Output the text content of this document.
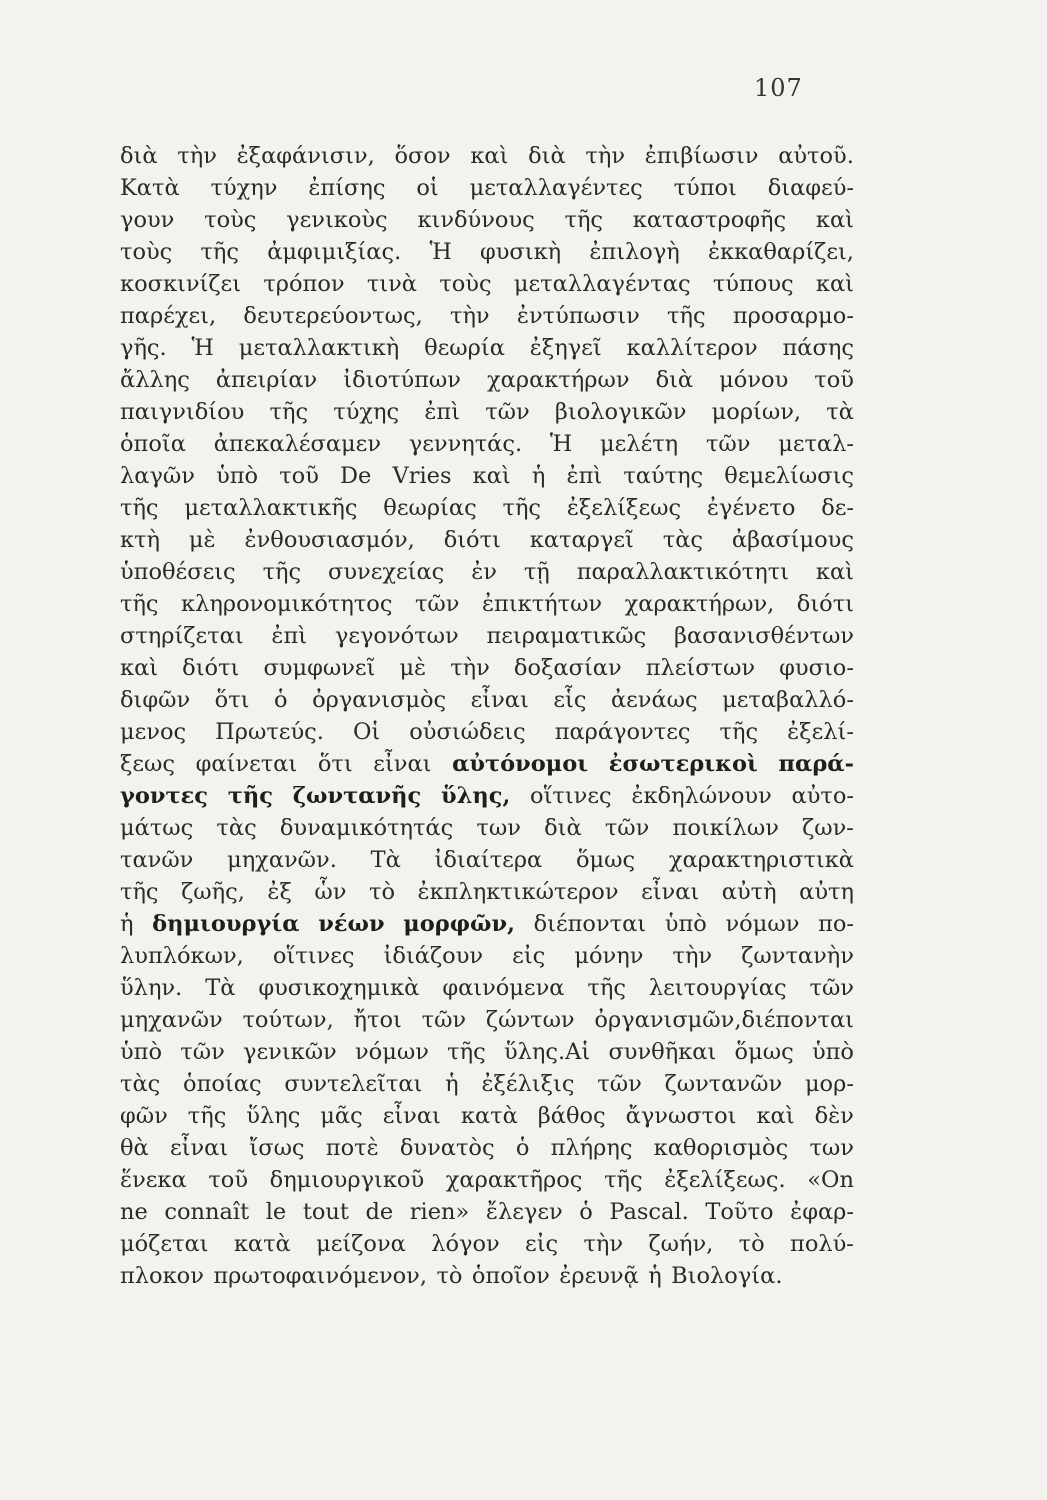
107
διὰ τὴν ἐξαφάνισιν, ὅσον καὶ διὰ τὴν ἐπιβίωσιν αὐτοῦ.
Κατὰ τύχην ἐπίσης οἱ μεταλλαγέντες τύποι διαφεύ-
γουν τοὺς γενικοὺς κινδύνους τῆς καταστροφῆς καὶ
τοὺς τῆς ἀμφιμιξίας. Ἡ φυσικὴ ἐπιλογὴ ἐκκαθαρίζει,
κοσκινίζει τρόπον τινὰ τοὺς μεταλλαγέντας τύπους καὶ
παρέχει, δευτερεύοντως, τὴν ἐντύπωσιν τῆς προσαρμο-
γῆς. Ἡ μεταλλακτικὴ θεωρία ἐξηγεῖ καλλίτερον πάσης
ἄλλης ἀπειρίαν ἰδιοτύπων χαρακτήρων διὰ μόνου τοῦ
παιγνιδίου τῆς τύχης ἐπὶ τῶν βιολογικῶν μορίων, τὰ
ὁποῖα ἀπεκαλέσαμεν γεννητάς. Ἡ μελέτη τῶν μεταλ-
λαγῶν ὑπὸ τοῦ De Vries καὶ ἡ ἐπὶ ταύτης θεμελίωσις
τῆς μεταλλακτικῆς θεωρίας τῆς ἐξελίξεως ἐγένετο δε-
κτὴ μὲ ἐνθουσιασμόν, διότι καταργεῖ τὰς ἀβασίμους
ὑποθέσεις τῆς συνεχείας ἐν τῇ παραλλακτικότητι καὶ
τῆς κληρονομικότητος τῶν ἐπικτήτων χαρακτήρων, διότι
στηρίζεται ἐπὶ γεγονότων πειραματικῶς βασανισθέντων
καὶ διότι συμφωνεῖ μὲ τὴν δοξασίαν πλείστων φυσιο-
διφῶν ὅτι ὁ ὀργανισμὸς εἶναι εἷς ἀενάως μεταβαλλό-
μενος Πρωτεύς. Οἱ οὐσιώδεις παράγοντες τῆς ἐξελί-
ξεως φαίνεται ὅτι εἶναι αὐτόνομοι ἐσωτερικοὶ παρά-
γοντες τῆς ζωντανῆς ὕλης, οἵτινες ἐκδηλώνουν αὐτο-
μάτως τὰς δυναμικότητάς των διὰ τῶν ποικίλων ζων-
τανῶν μηχανῶν. Τὰ ἰδιαίτερα ὅμως χαρακτηριστικὰ
τῆς ζωῆς, ἐξ ὧν τὸ ἐκπληκτικώτερον εἶναι αὐτὴ αὐτη
ἡ δημιουργία νέων μορφῶν, διέπονται ὑπὸ νόμων πο-
λυπλόκων, οἵτινες ἰδιάζουν εἰς μόνην τὴν ζωντανὴν
ὕλην. Τὰ φυσικοχημικὰ φαινόμενα τῆς λειτουργίας τῶν
μηχανῶν τούτων, ἤτοι τῶν ζώντων ὀργανισμῶν,διέπονται
ὑπὸ τῶν γενικῶν νόμων τῆς ὕλης.Αἱ συνθῆκαι ὅμως ὑπὸ
τὰς ὁποίας συντελεῖται ἡ ἐξέλιξις τῶν ζωντανῶν μορ-
φῶν τῆς ὕλης μᾶς εἶναι κατὰ βάθος ἄγνωστοι καὶ δὲν
θὰ εἶναι ἴσως ποτὲ δυνατὸς ὁ πλήρης καθορισμὸς των
ἕνεκα τοῦ δημιουργικοῦ χαρακτῆρος τῆς ἐξελίξεως. «On
ne connaît le tout de rien» ἔλεγεν ὁ Pascal. Τοῦτο ἐφαρ-
μόζεται κατὰ μείζονα λόγον εἰς τὴν ζωήν, τὸ πολύ-
πλοκον πρωτοφαινόμενον, τὸ ὁποῖον ἐρευνᾷ ἡ Βιολογία.
